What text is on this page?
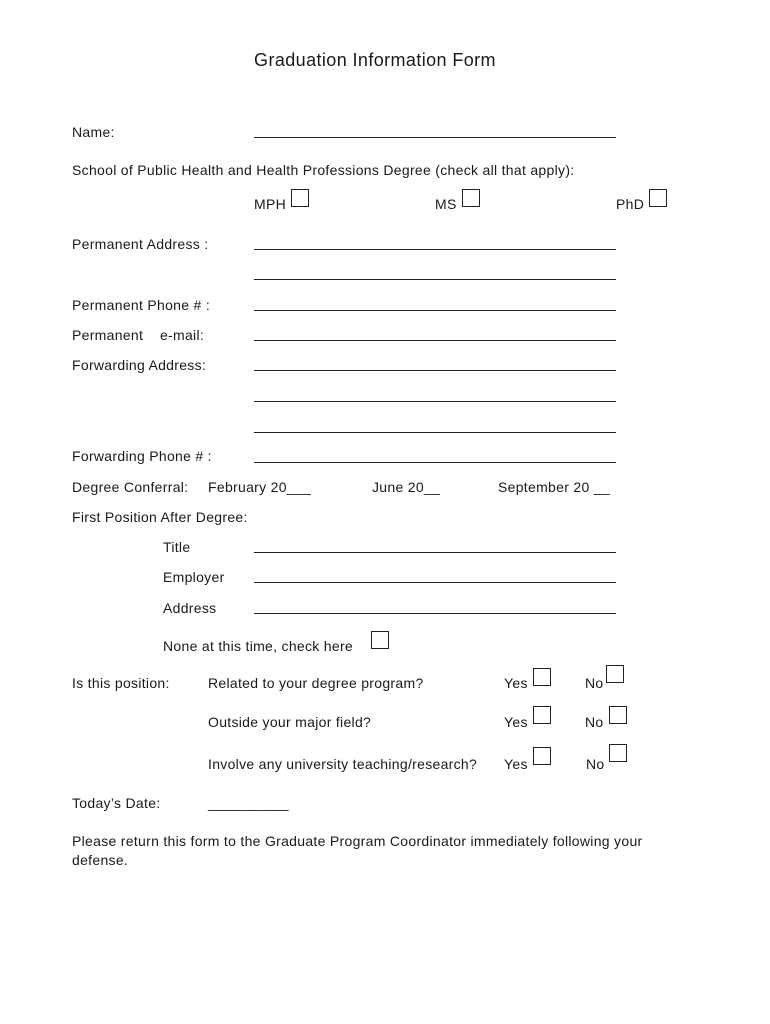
Graduation Information Form
Name:
School of Public Health and Health Professions Degree (check all that apply):
MPH	MS	PhD
Permanent Address :
Permanent Phone # :
Permanent    e-mail:
Forwarding Address:
Forwarding Phone # :
Degree Conferral: February 20___	June 20__	September 20 __
First Position After Degree:
Title
Employer
Address
None at this time, check here
Is this position:	Related to your degree program?	Yes	No
Outside your major field?	Yes	No
Involve any university teaching/research? Yes	No
Today’s Date:	__________
Please return this form to the Graduate Program Coordinator immediately following your defense.
